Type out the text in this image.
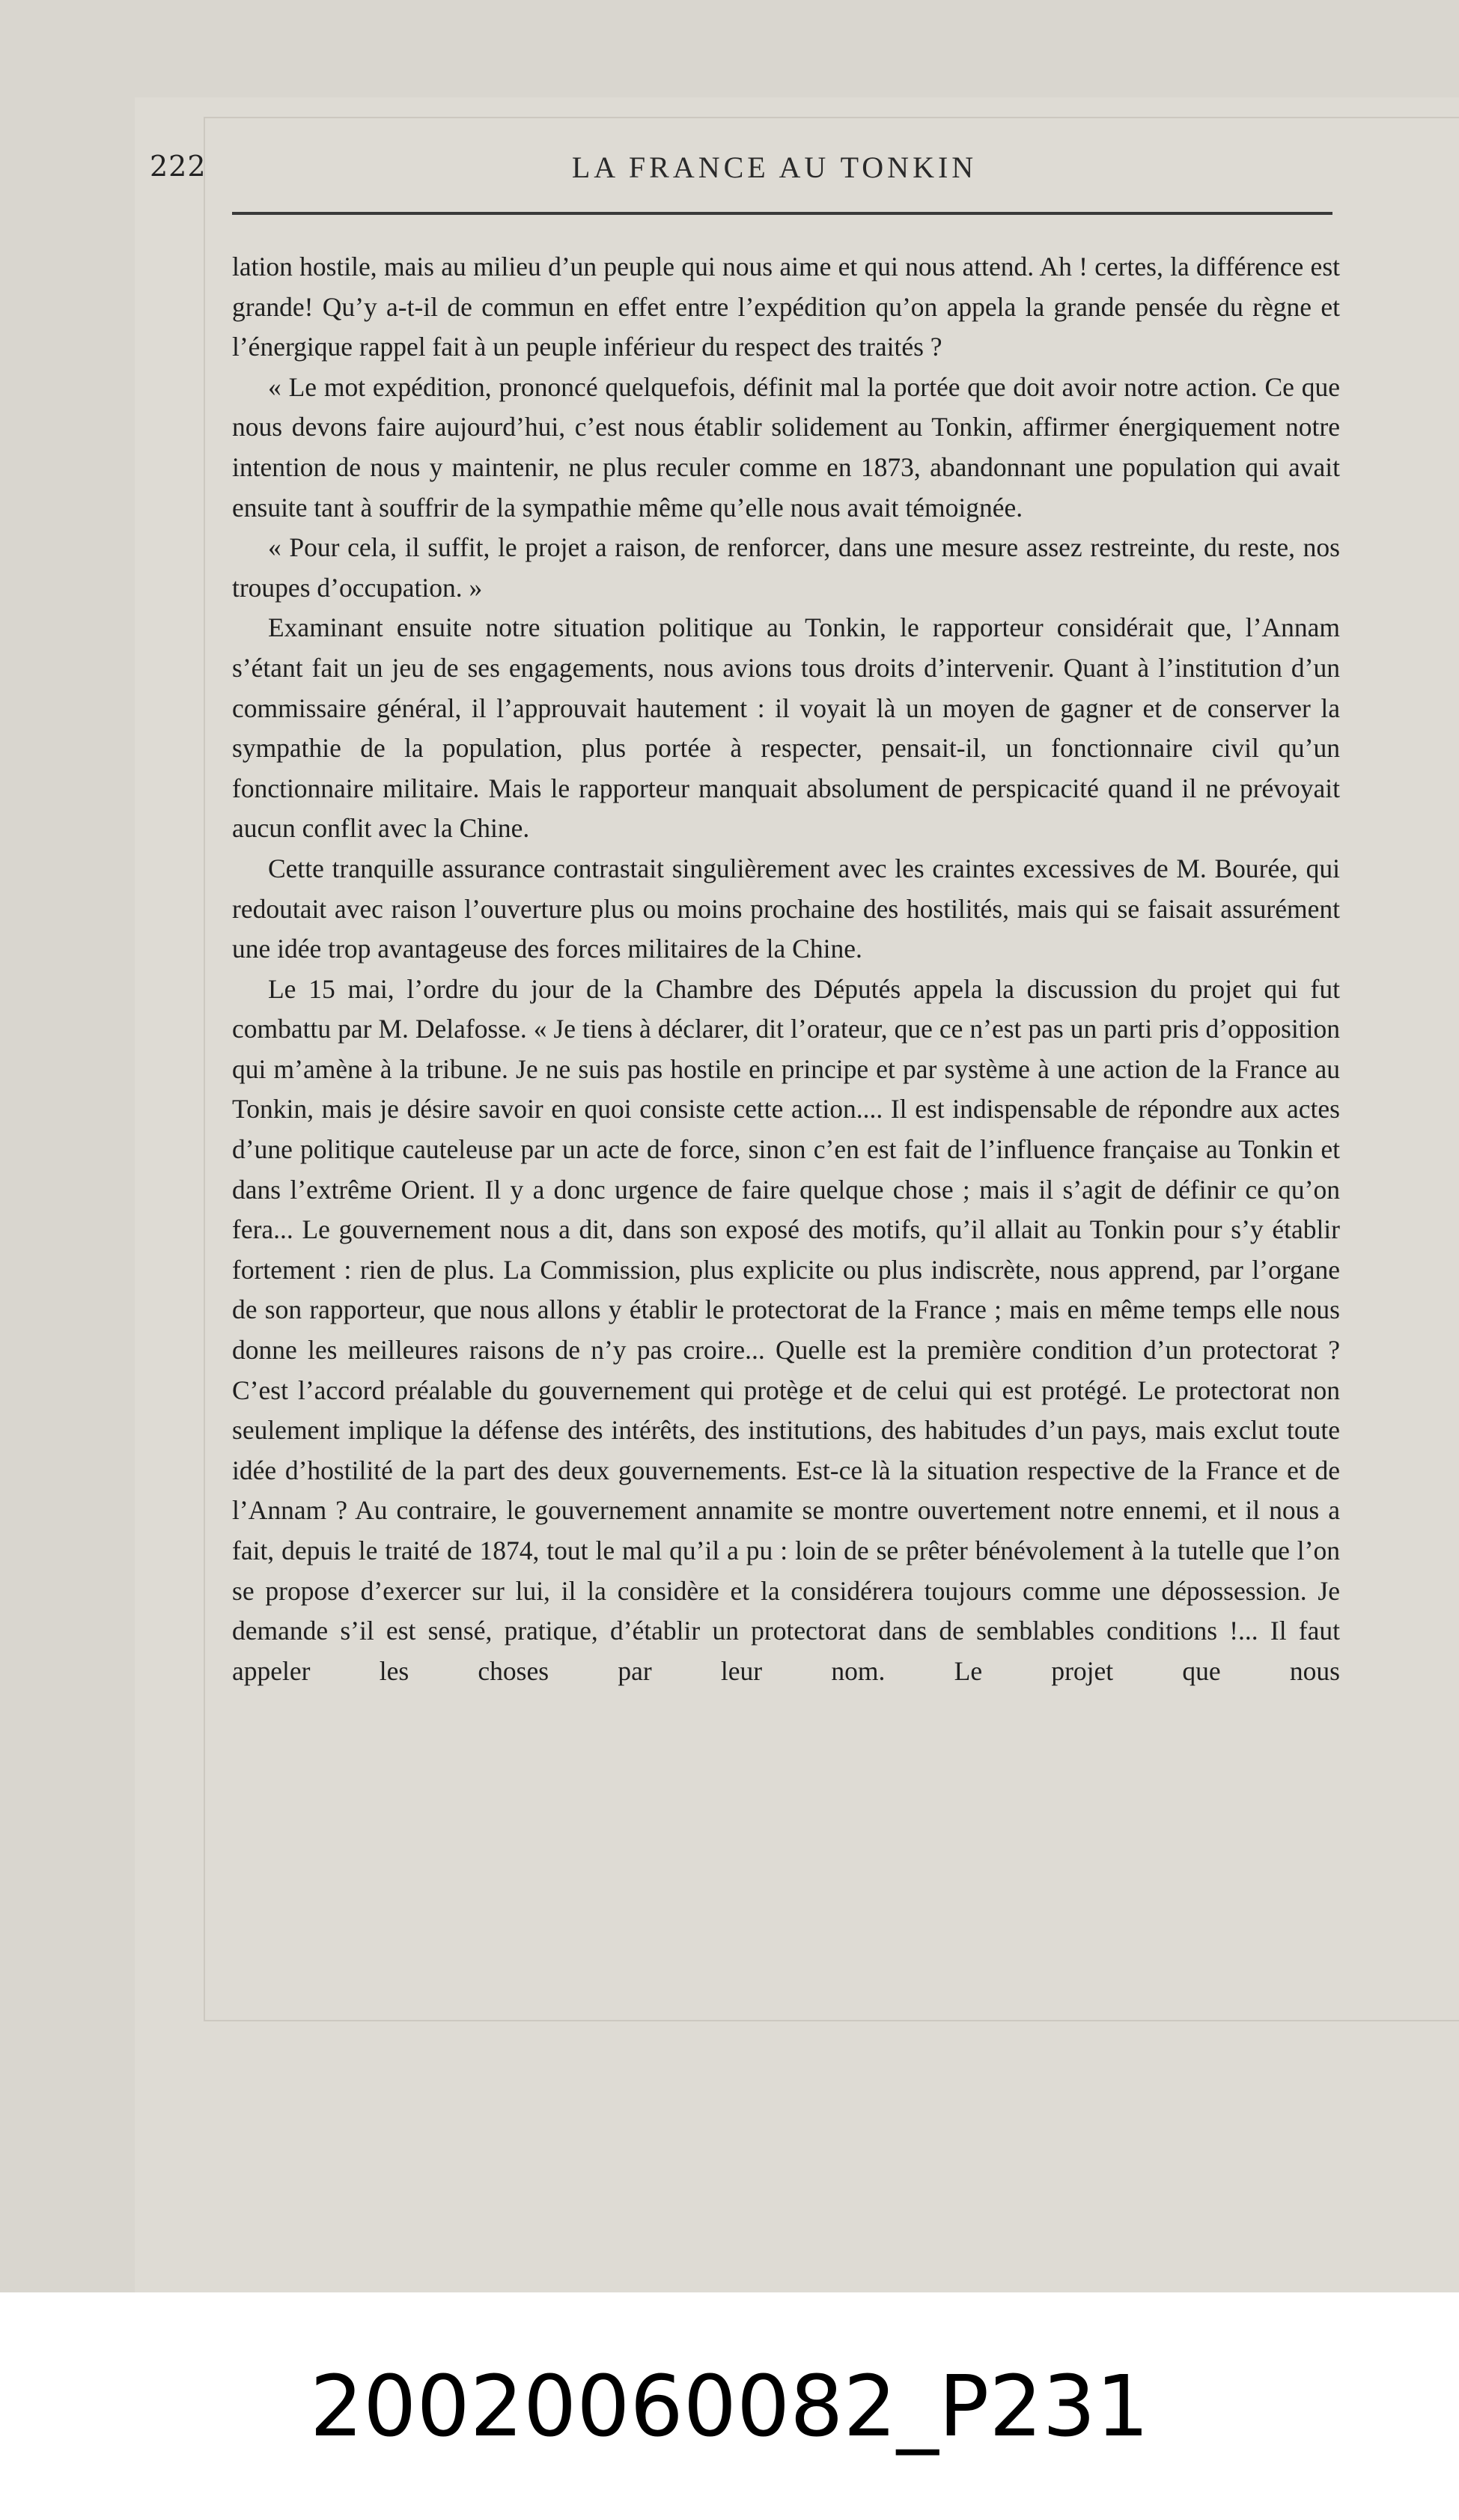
222	LA FRANCE AU TONKIN

lation hostile, mais au milieu d’un peuple qui nous aime et qui nous attend. Ah ! certes, la différence est grande! Qu’y a-t-il de commun en effet entre l’expédition qu’on appela la grande pensée du règne et l’énergique rappel fait à un peuple inférieur du respect des traités ?

« Le mot expédition, prononcé quelquefois, définit mal la portée que doit avoir notre action. Ce que nous devons faire aujourd’hui, c’est nous établir solidement au Tonkin, affirmer énergiquement notre intention de nous y maintenir, ne plus reculer comme en 1873, abandonnant une population qui avait ensuite tant à souffrir de la sympathie même qu’elle nous avait témoignée.

« Pour cela, il suffit, le projet a raison, de renforcer, dans une mesure assez restreinte, du reste, nos troupes d’occupation. »

Examinant ensuite notre situation politique au Tonkin, le rapporteur considérait que, l’Annam s’étant fait un jeu de ses engagements, nous avions tous droits d’intervenir. Quant à l’institution d’un commissaire général, il l’approuvait hautement : il voyait là un moyen de gagner et de conserver la sympathie de la population, plus portée à respecter, pensait-il, un fonctionnaire civil qu’un fonctionnaire militaire. Mais le rapporteur manquait absolument de perspicacité quand il ne prévoyait aucun conflit avec la Chine.

Cette tranquille assurance contrastait singulièrement avec les craintes excessives de M. Bourée, qui redoutait avec raison l’ouverture plus ou moins prochaine des hostilités, mais qui se faisait assurément une idée trop avantageuse des forces militaires de la Chine.

Le 15 mai, l’ordre du jour de la Chambre des Députés appela la discussion du projet qui fut combattu par M. Delafosse. « Je tiens à déclarer, dit l’orateur, que ce n’est pas un parti pris d’opposition qui m’amène à la tribune. Je ne suis pas hostile en principe et par système à une action de la France au Tonkin, mais je désire savoir en quoi consiste cette action.... Il est indispensable de répondre aux actes d’une politique cauteleuse par un acte de force, sinon c’en est fait de l’influence française au Tonkin et dans l’extrême Orient. Il y a donc urgence de faire quelque chose ; mais il s’agit de définir ce qu’on fera... Le gouvernement nous a dit, dans son exposé des motifs, qu’il allait au Tonkin pour s’y établir fortement : rien de plus. La Commission, plus explicite ou plus indiscrète, nous apprend, par l’organe de son rapporteur, que nous allons y établir le protectorat de la France ; mais en même temps elle nous donne les meilleures raisons de n’y pas croire... Quelle est la première condition d’un protectorat ? C’est l’accord préalable du gouvernement qui protège et de celui qui est protégé. Le protectorat non seulement implique la défense des intérêts, des institutions, des habitudes d’un pays, mais exclut toute idée d’hostilité de la part des deux gouvernements. Est-ce là la situation respective de la France et de l’Annam ? Au contraire, le gouvernement annamite se montre ouvertement notre ennemi, et il nous a fait, depuis le traité de 1874, tout le mal qu’il a pu : loin de se prêter bénévolement à la tutelle que l’on se propose d’exercer sur lui, il la considère et la considérera toujours comme une dépossession. Je demande s’il est sensé, pratique, d’établir un protectorat dans de semblables conditions !... Il faut appeler les choses par leur nom. Le projet que nous

20020060082_P231
